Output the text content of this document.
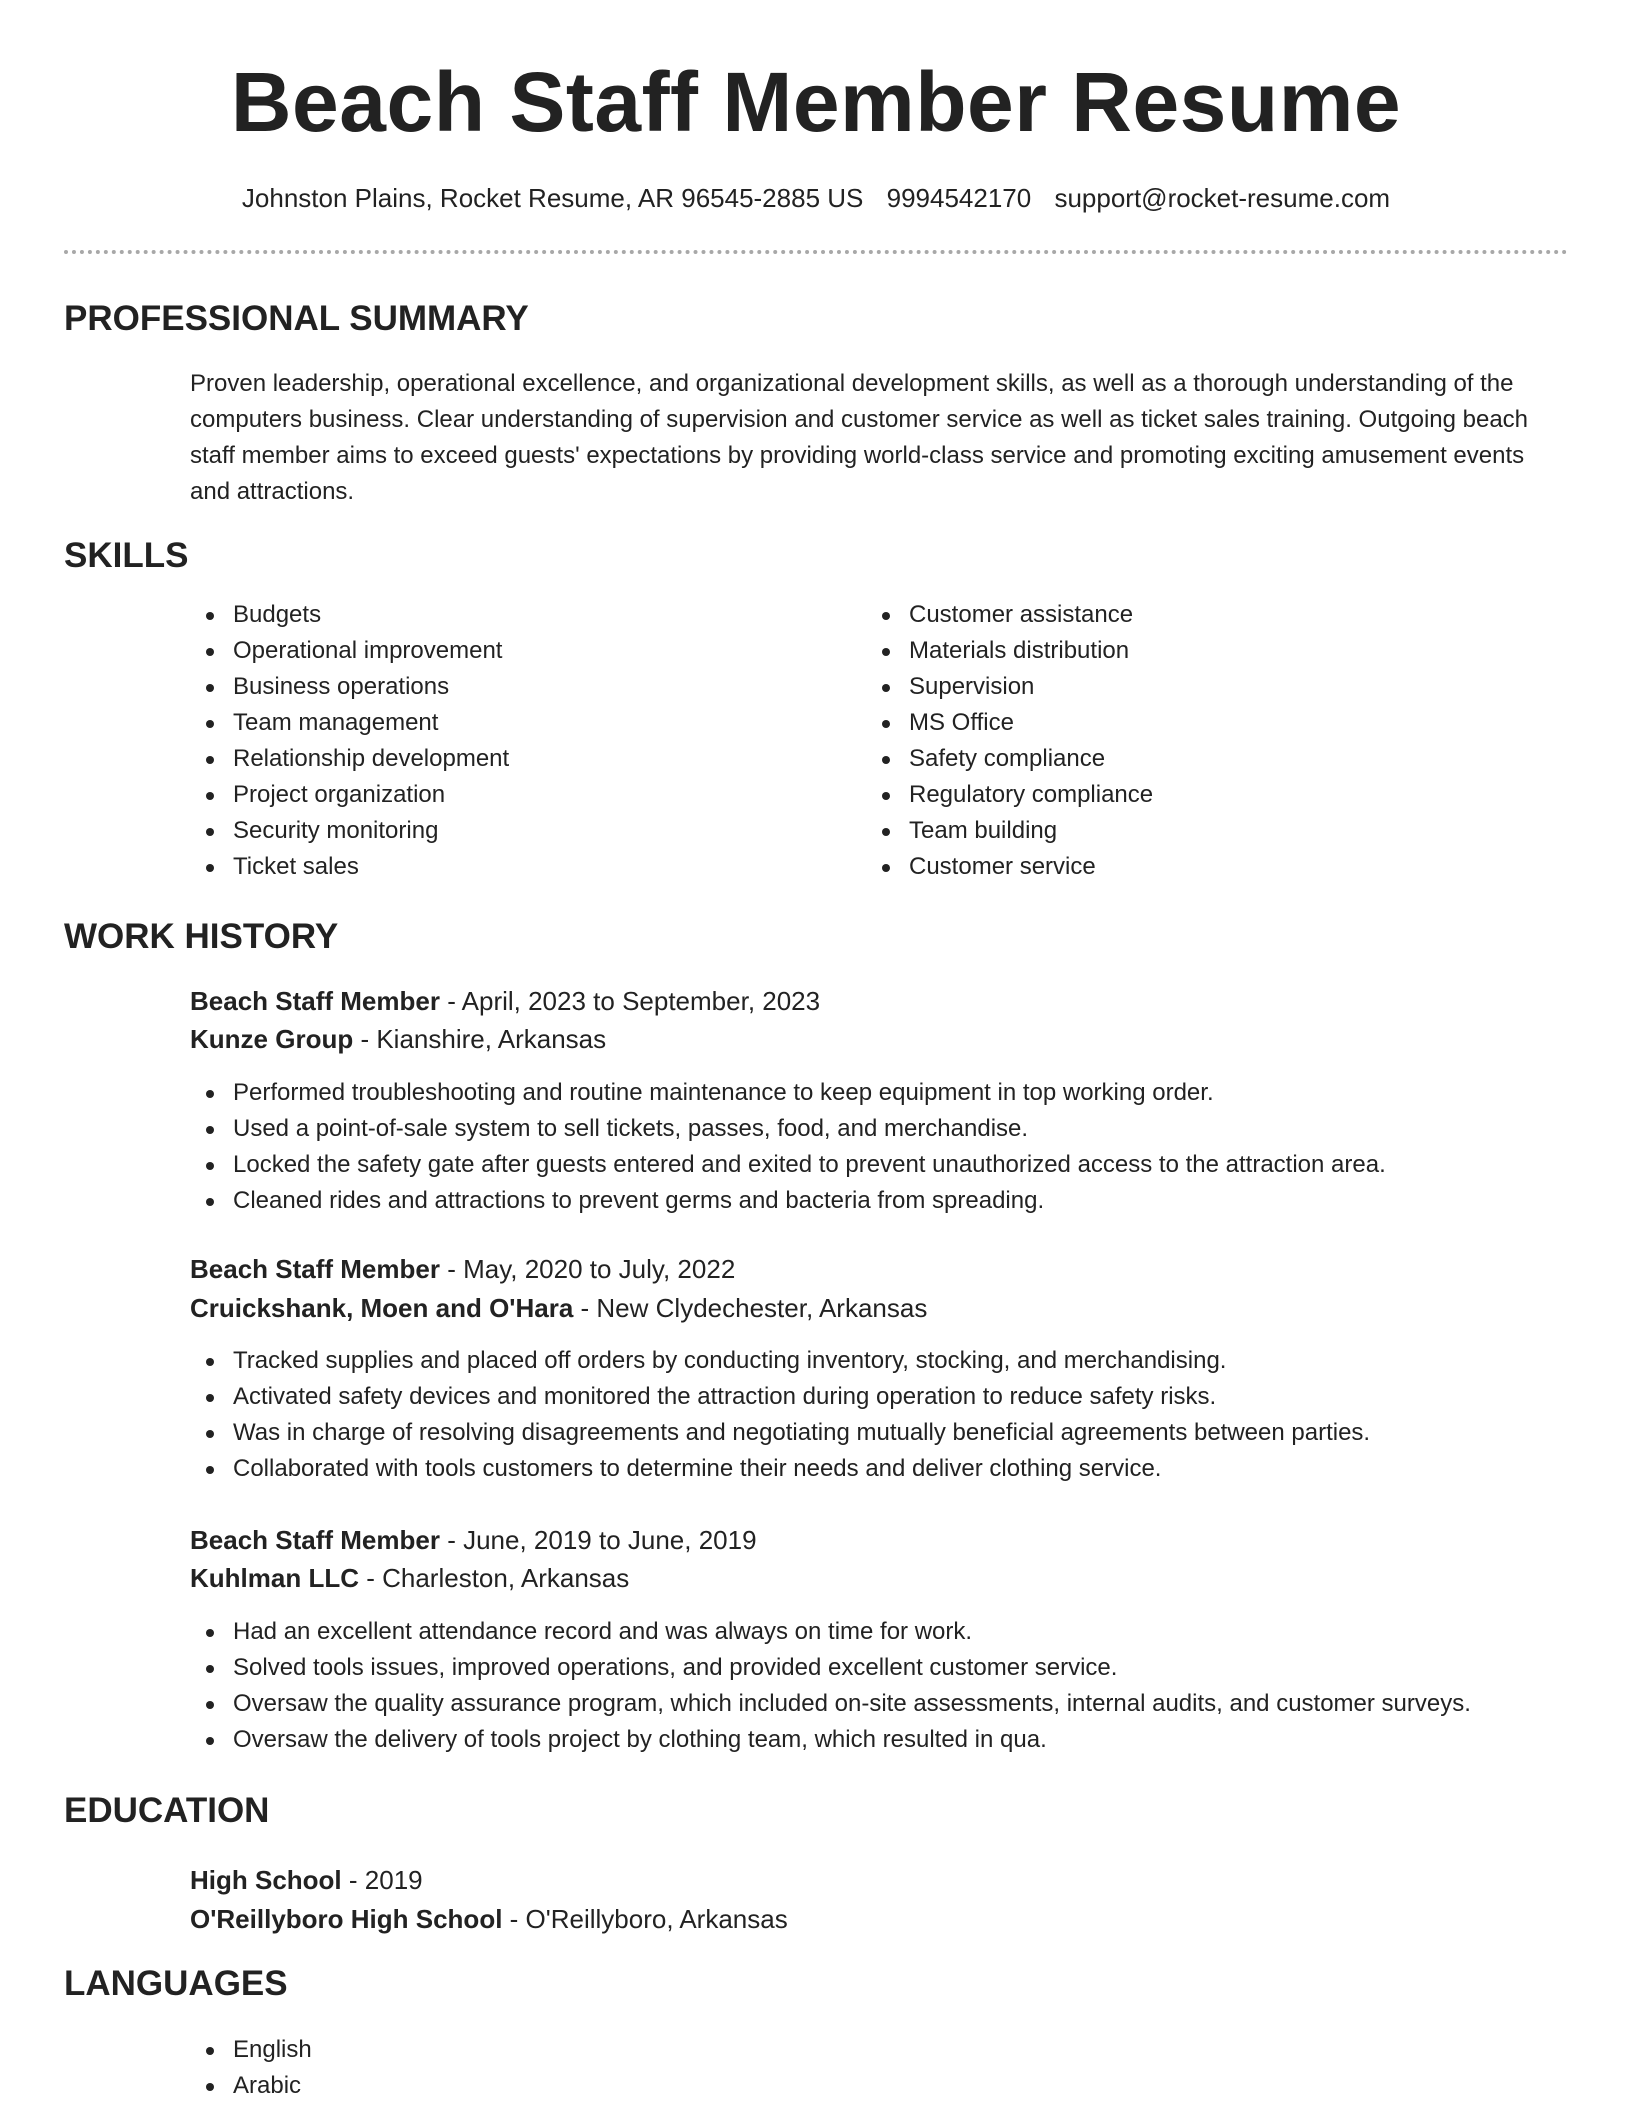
Beach Staff Member Resume
Johnston Plains, Rocket Resume, AR 96545-2885 US 9994542170 support@rocket-resume.com
PROFESSIONAL SUMMARY

Proven leadership, operational excellence, and organizational development skills, as well as a thorough understanding of the computers business. Clear understanding of supervision and customer service as well as ticket sales training. Outgoing beach staff member aims to exceed guests' expectations by providing world-class service and promoting exciting amusement events and attractions.

SKILLS
Budgets
Operational improvement
Business operations
Team management
Relationship development
Project organization
Security monitoring
Ticket sales
Customer assistance
Materials distribution
Supervision
MS Office
Safety compliance
Regulatory compliance
Team building
Customer service
WORK HISTORY
Beach Staff Member - April, 2023 to September, 2023
Kunze Group - Kianshire, Arkansas
Performed troubleshooting and routine maintenance to keep equipment in top working order.
Used a point-of-sale system to sell tickets, passes, food, and merchandise.
Locked the safety gate after guests entered and exited to prevent unauthorized access to the attraction area.
Cleaned rides and attractions to prevent germs and bacteria from spreading.
Beach Staff Member - May, 2020 to July, 2022
Cruickshank, Moen and O'Hara - New Clydechester, Arkansas
Tracked supplies and placed off orders by conducting inventory, stocking, and merchandising.
Activated safety devices and monitored the attraction during operation to reduce safety risks.
Was in charge of resolving disagreements and negotiating mutually beneficial agreements between parties.
Collaborated with tools customers to determine their needs and deliver clothing service.
Beach Staff Member - June, 2019 to June, 2019
Kuhlman LLC - Charleston, Arkansas
Had an excellent attendance record and was always on time for work.
Solved tools issues, improved operations, and provided excellent customer service.
Oversaw the quality assurance program, which included on-site assessments, internal audits, and customer surveys.
Oversaw the delivery of tools project by clothing team, which resulted in qua.
EDUCATION
High School - 2019
O'Reillyboro High School - O'Reillyboro, Arkansas
LANGUAGES
English
Arabic
